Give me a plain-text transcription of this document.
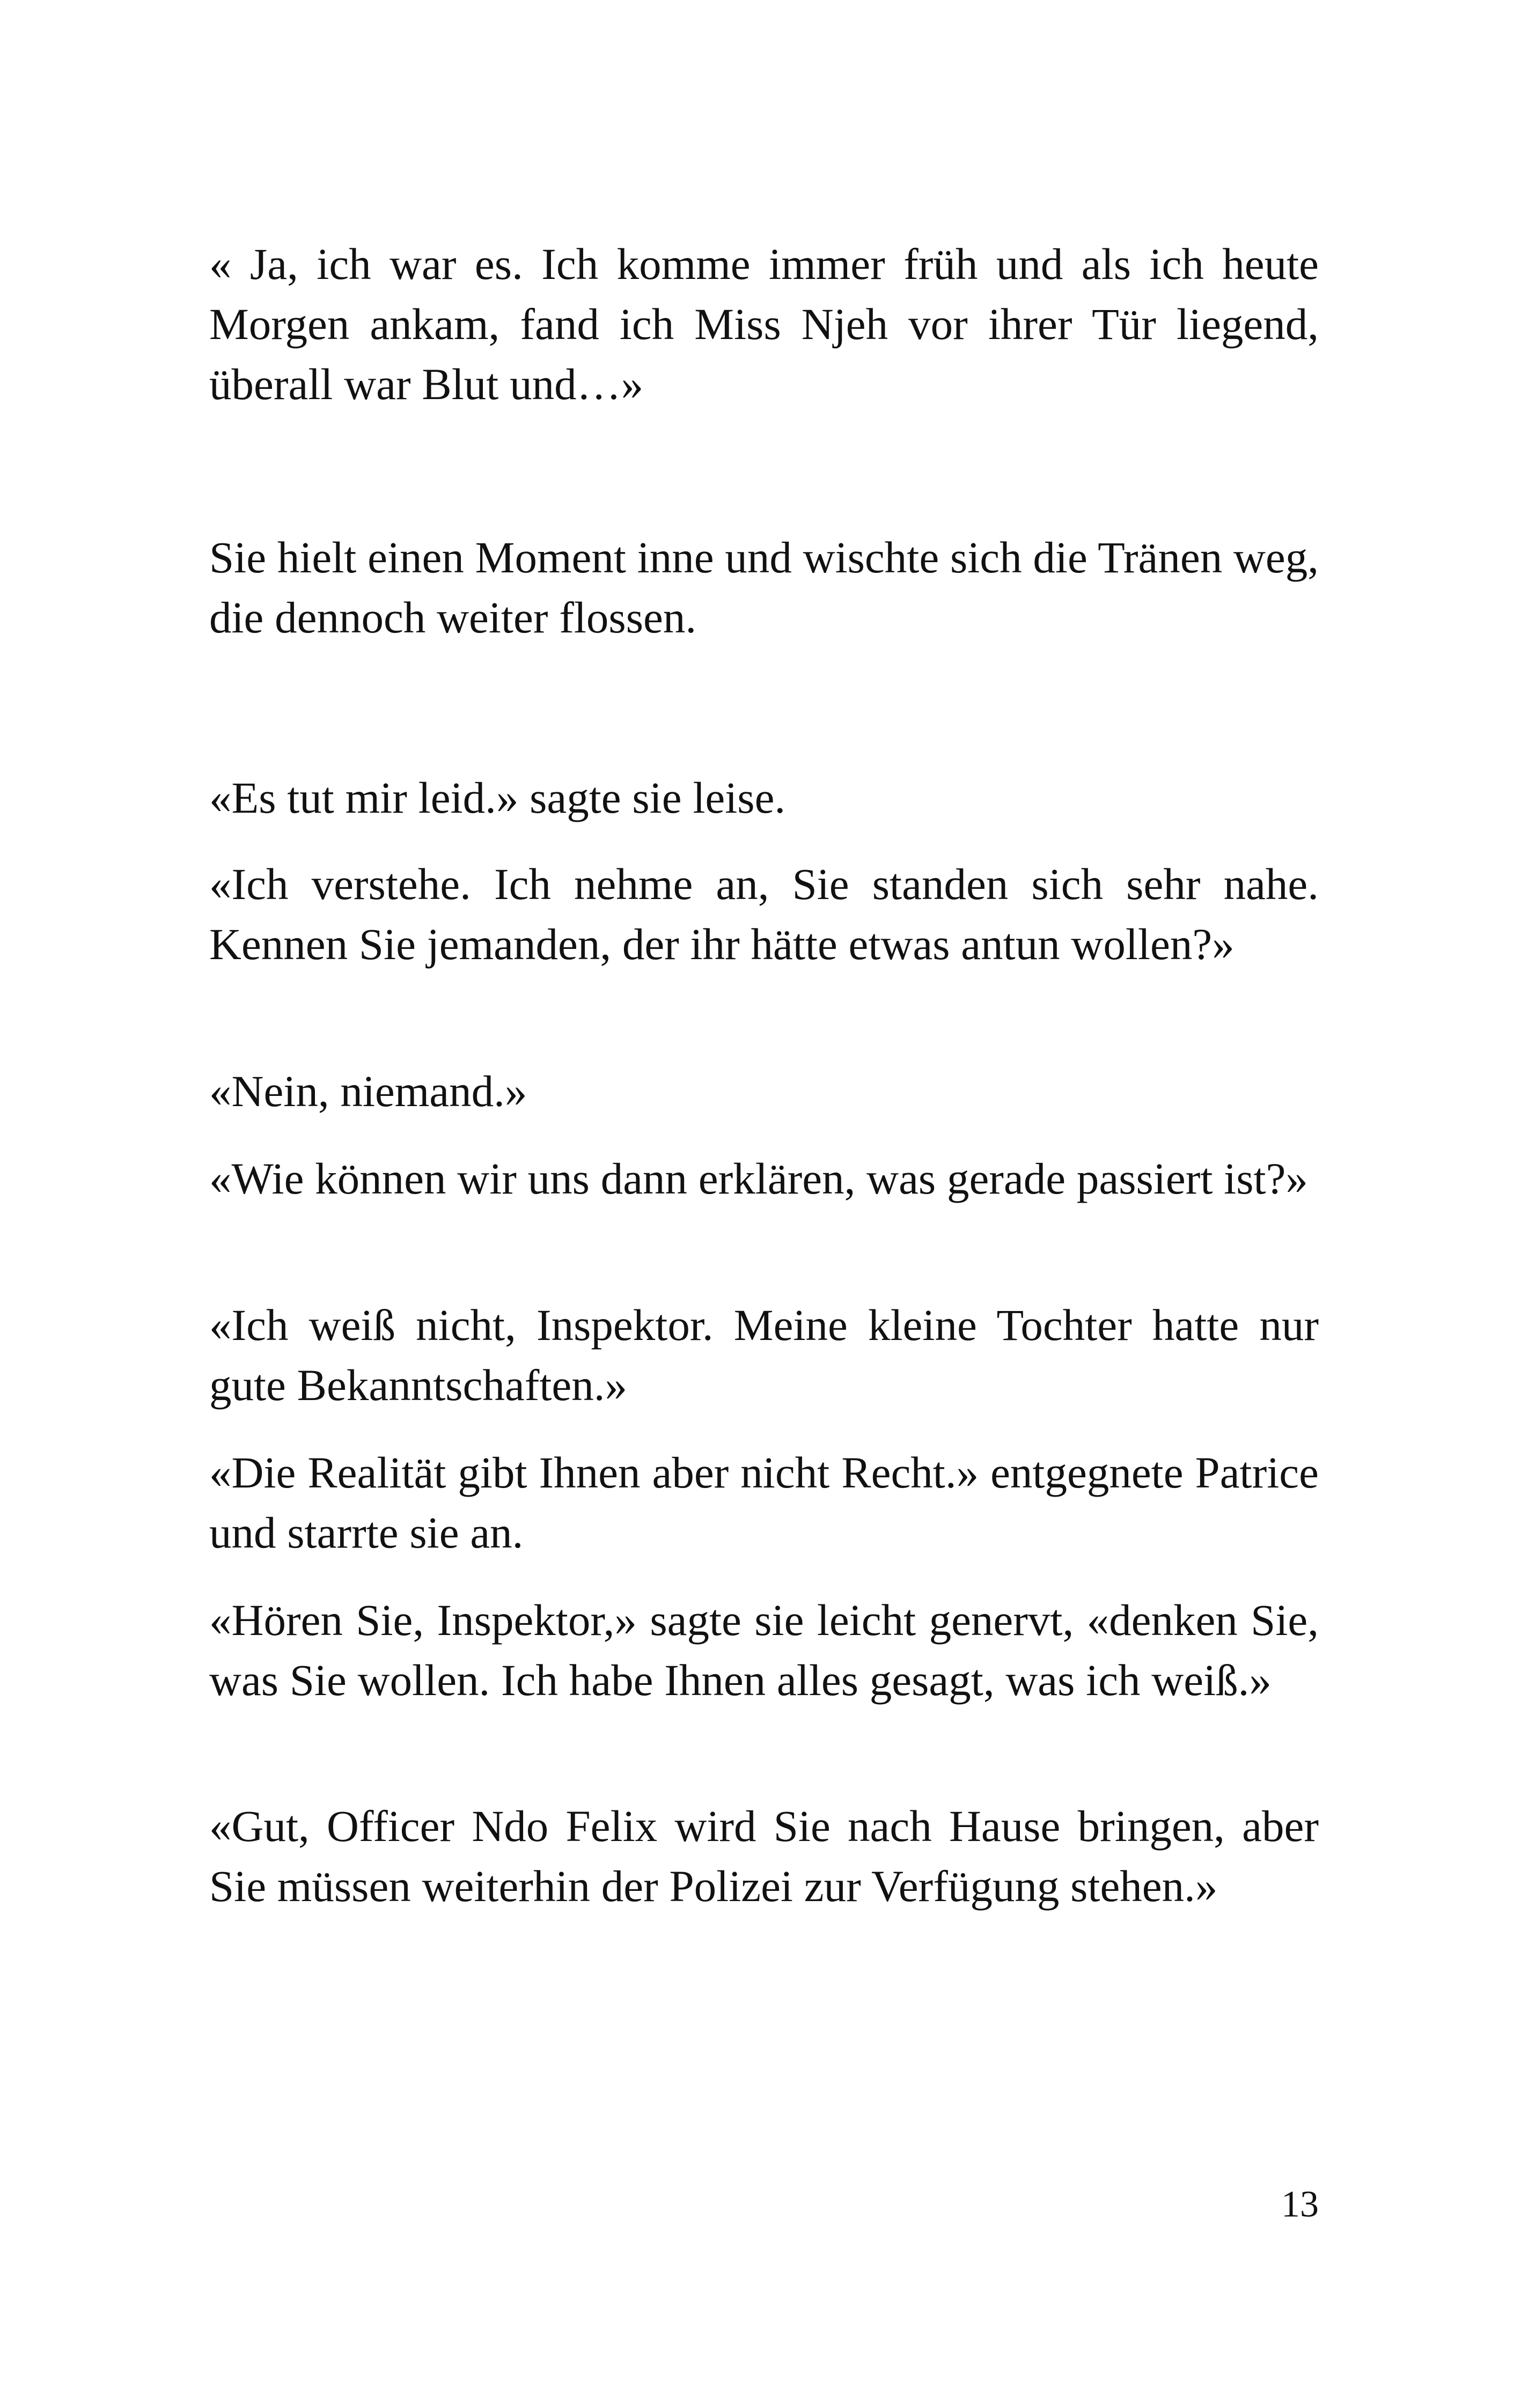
« Ja, ich war es. Ich komme immer früh und als ich heute Morgen ankam, fand ich Miss Njeh vor ihrer Tür liegend, überall war Blut und…»

Sie hielt einen Moment inne und wischte sich die Tränen weg, die dennoch weiter flossen.

«Es tut mir leid.» sagte sie leise.

«Ich verstehe. Ich nehme an, Sie standen sich sehr nahe. Kennen Sie jemanden, der ihr hätte etwas antun wollen?»

«Nein, niemand.»

«Wie können wir uns dann erklären, was gerade passiert ist?»

«Ich weiß nicht, Inspektor. Meine kleine Tochter hatte nur gute Bekanntschaften.»

«Die Realität gibt Ihnen aber nicht Recht.» entgegnete Patrice und starrte sie an.

«Hören Sie, Inspektor,» sagte sie leicht genervt, «denken Sie, was Sie wollen. Ich habe Ihnen alles gesagt, was ich weiß.»

«Gut, Officer Ndo Felix wird Sie nach Hause bringen, aber Sie müssen weiterhin der Polizei zur Verfügung stehen.»

13
